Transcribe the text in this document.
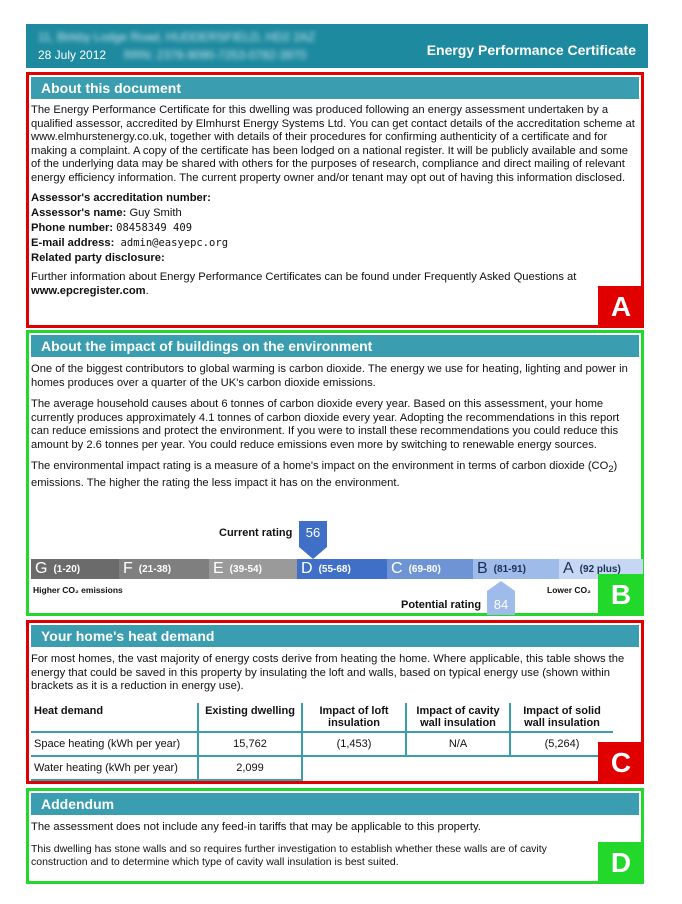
11, Birkby Lodge Road, HUDDERSFIELD, HD2 2AZ
28 July 2012 RRN: 2378-9090-7253-0782-3970	Energy Performance Certificate
About this document
The Energy Performance Certificate for this dwelling was produced following an energy assessment undertaken by a qualified assessor, accredited by Elmhurst Energy Systems Ltd. You can get contact details of the accreditation scheme at www.elmhurstenergy.co.uk, together with details of their procedures for confirming authenticity of a certificate and for making a complaint. A copy of the certificate has been lodged on a national register. It will be publicly available and some of the underlying data may be shared with others for the purposes of research, compliance and direct mailing of relevant energy efficiency information. The current property owner and/or tenant may opt out of having this information disclosed.
Assessor's accreditation number:
Assessor's name: Guy Smith
Phone number: 08458349 409
E-mail address: admin@easyepc.org
Related party disclosure:
Further information about Energy Performance Certificates can be found under Frequently Asked Questions at
www.epcregister.com.
A
About the impact of buildings on the environment
One of the biggest contributors to global warming is carbon dioxide. The energy we use for heating, lighting and power in homes produces over a quarter of the UK's carbon dioxide emissions.
The average household causes about 6 tonnes of carbon dioxide every year. Based on this assessment, your home currently produces approximately 4.1 tonnes of carbon dioxide every year. Adopting the recommendations in this report can reduce emissions and protect the environment. If you were to install these recommendations you could reduce this amount by 2.6 tonnes per year. You could reduce emissions even more by switching to renewable energy sources.
The environmental impact rating is a measure of a home's impact on the environment in terms of carbon dioxide $(CO_2)$ emissions. The higher the rating the less impact it has on the environment.
Current rating	56
G (1-20)	F (21-38)	E (39-54) D (55-68)	C (69-80) B (81-91) A (92 plus)
Higher CO₂ emissions	Lower CO₂
Potential rating 84	B
Your home's heat demand
For most homes, the vast majority of energy costs derive from heating the home. Where applicable, this table shows the energy that could be saved in this property by insulating the loft and walls, based on typical energy use (shown within brackets as it is a reduction in energy use).
Heat demand	Existing dwelling	Impact of loft insulation	Impact of cavity wall insulation	Impact of solid wall insulation
Space heating (kWh per year)	15,762	(1,453)	N/A	(5,264)
Water heating (kWh per year)	2,099				C
Addendum
The assessment does not include any feed-in tariffs that may be applicable to this property.
This dwelling has stone walls and so requires further investigation to establish whether these walls are of cavity construction and to determine which type of cavity wall insulation is best suited.	D
